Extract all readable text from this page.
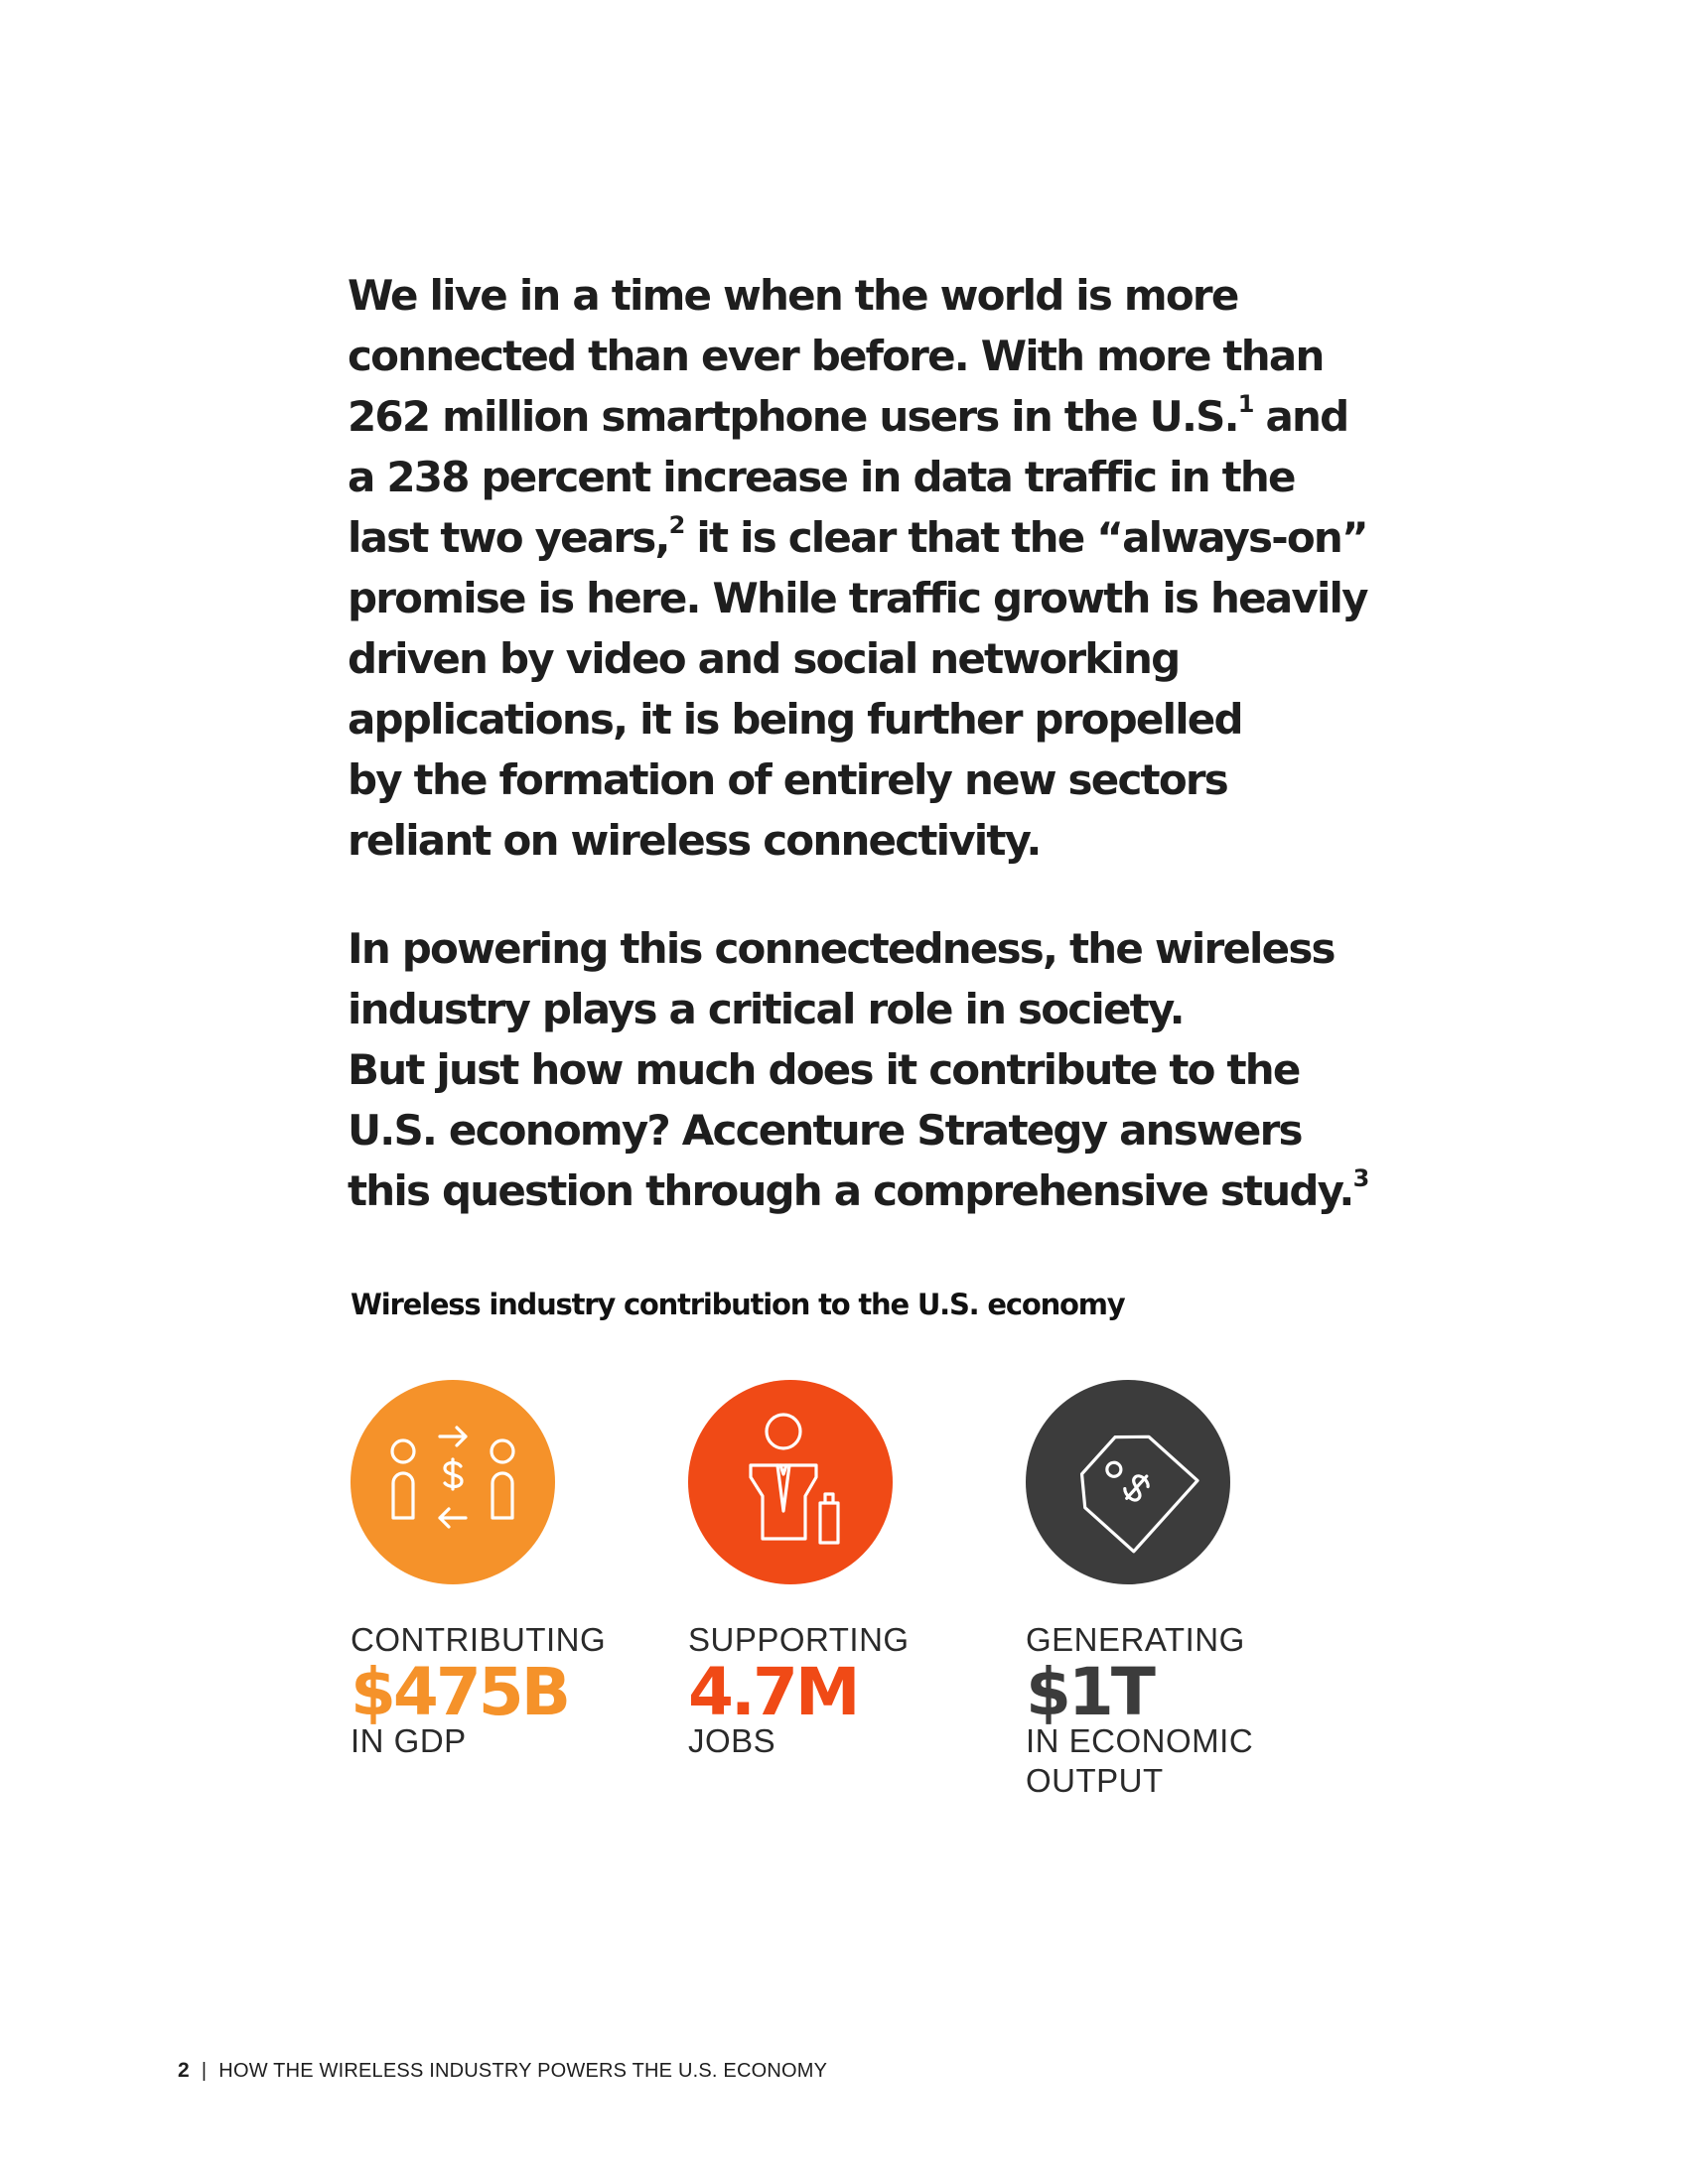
We live in a time when the world is more
connected than ever before. With more than
262 million smartphone users in the U.S.$^1$ and
a 238 percent increase in data traffic in the
last two years,$^2$ it is clear that the “always-on”
promise is here. While traffic growth is heavily
driven by video and social networking
applications, it is being further propelled
by the formation of entirely new sectors
reliant on wireless connectivity.

In powering this connectedness, the wireless
industry plays a critical role in society.
But just how much does it contribute to the
U.S. economy? Accenture Strategy answers
this question through a comprehensive study.$^3$

Wireless industry contribution to the U.S. economy
CONTRIBUTING
$475B
IN GDP
SUPPORTING
4.7M
JOBS
GENERATING
$1T
IN ECONOMIC OUTPUT
2 | HOW THE WIRELESS INDUSTRY POWERS THE U.S. ECONOMY
